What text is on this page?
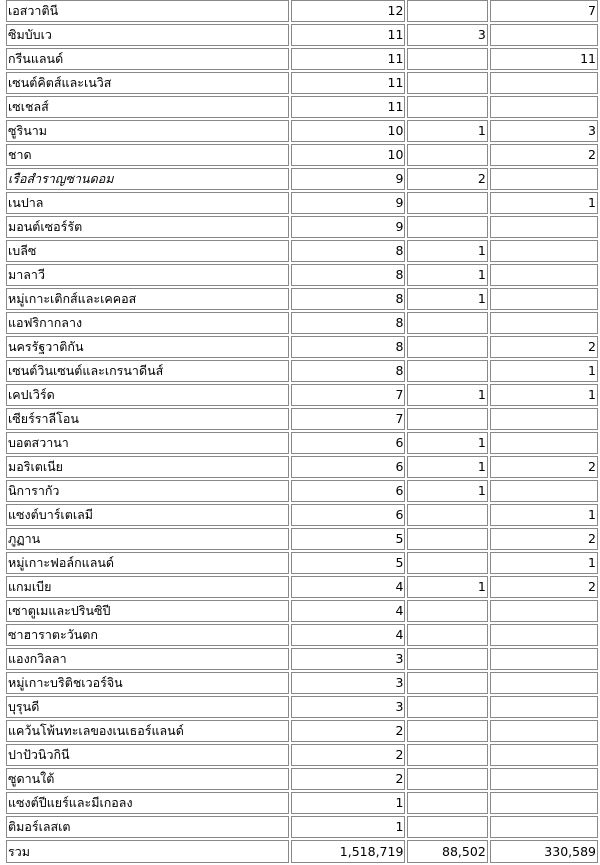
เอสวาตินี	12		7
ซิมบับเว	11	3	
กรีนแลนด์	11		11
เซนต์คิตส์และเนวิส	11		
เซเชลส์	11		
ซูรินาม	10	1	3
ชาด	10		2
เรือสำราญซานดอม	9	2	
เนปาล	9		1
มอนต์เซอร์รัต	9		
เบลีซ	8	1	
มาลาวี	8	1	
หมู่เกาะเติกส์และเคคอส	8	1	
แอฟริกากลาง	8		
นครรัฐวาติกัน	8		2
เซนต์วินเซนต์และเกรนาดีนส์	8		1
เคปเวิร์ด	7	1	1
เซียร์ราลีโอน	7		
บอตสวานา	6	1	
มอริเตเนีย	6	1	2
นิการากัว	6	1	
แซงต์บาร์เตเลมี	6		1
ภูฏาน	5		2
หมู่เกาะฟอล์กแลนด์	5		1
แกมเบีย	4	1	2
เซาตูเมและปรินซิปี	4		
ซาฮาราตะวันตก	4		
แองกวิลลา	3		
หมู่เกาะบริติชเวอร์จิน	3		
บุรุนดี	3		
แคว้นโพ้นทะเลของเนเธอร์แลนด์	2		
ปาปัวนิวกินี	2		
ซูดานใต้	2		
แซงต์ปีแยร์และมีเกอลง	1		
ติมอร์เลสเต	1		
รวม	1,518,719	88,502	330,589
